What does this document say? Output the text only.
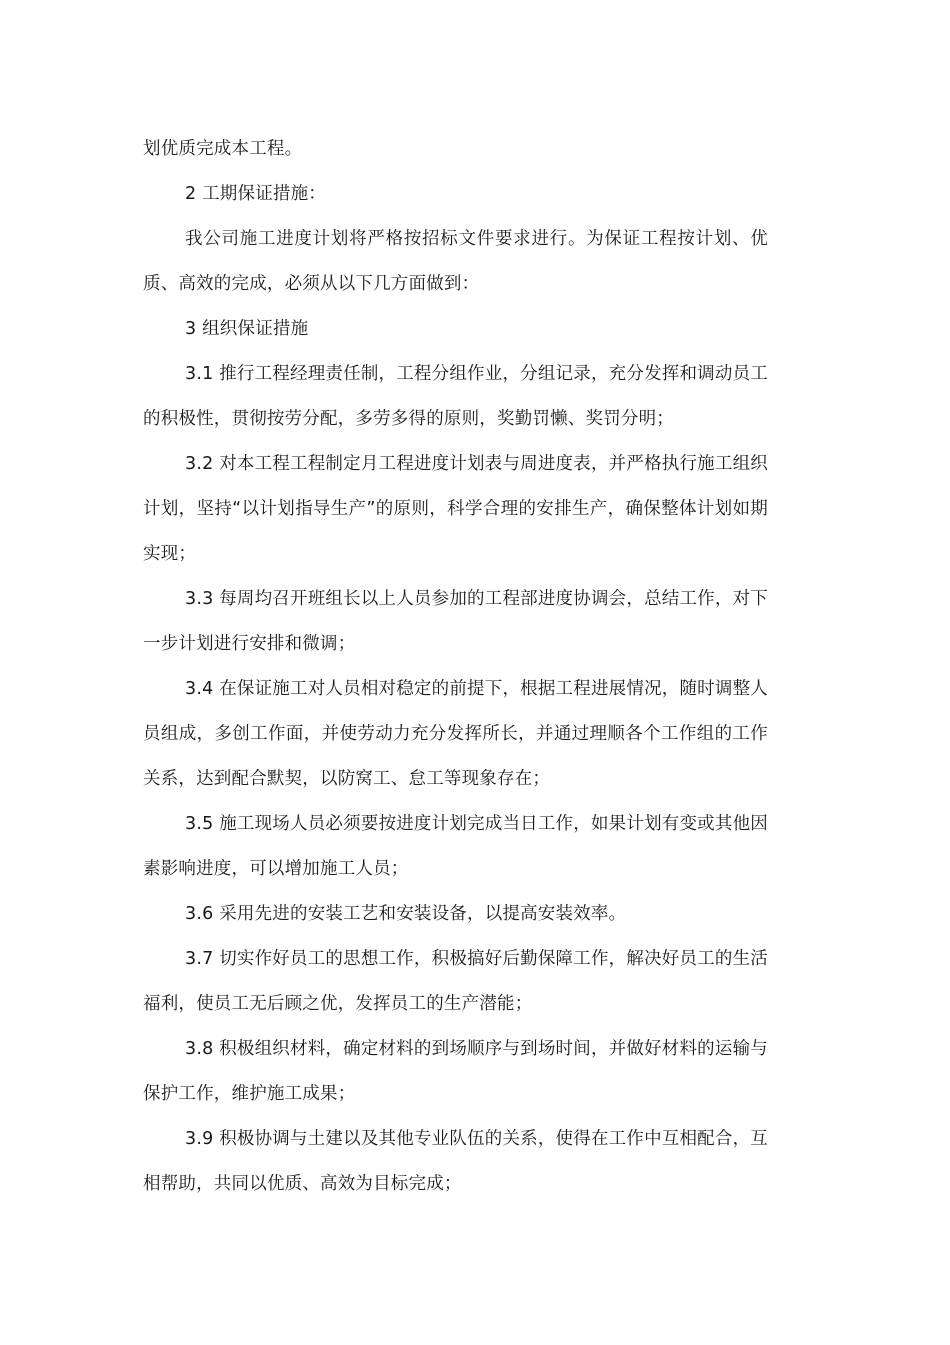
划优质完成本工程。

2 工期保证措施：

我公司施工进度计划将严格按招标文件要求进行。为保证工程按计划、优质、高效的完成，必须从以下几方面做到：

3 组织保证措施

3.1 推行工程经理责任制，工程分组作业，分组记录，充分发挥和调动员工的积极性，贯彻按劳分配，多劳多得的原则，奖勤罚懒、奖罚分明；

3.2 对本工程工程制定月工程进度计划表与周进度表，并严格执行施工组织计划，坚持“以计划指导生产”的原则，科学合理的安排生产，确保整体计划如期实现；

3.3 每周均召开班组长以上人员参加的工程部进度协调会，总结工作，对下一步计划进行安排和微调；

3.4 在保证施工对人员相对稳定的前提下，根据工程进展情况，随时调整人员组成，多创工作面，并使劳动力充分发挥所长，并通过理顺各个工作组的工作关系，达到配合默契，以防窝工、怠工等现象存在；

3.5 施工现场人员必须要按进度计划完成当日工作，如果计划有变或其他因素影响进度，可以增加施工人员；

3.6 采用先进的安装工艺和安装设备，以提高安装效率。

3.7 切实作好员工的思想工作，积极搞好后勤保障工作，解决好员工的生活福利，使员工无后顾之优，发挥员工的生产潜能；

3.8 积极组织材料，确定材料的到场顺序与到场时间，并做好材料的运输与保护工作，维护施工成果；

3.9 积极协调与土建以及其他专业队伍的关系，使得在工作中互相配合，互相帮助，共同以优质、高效为目标完成；
